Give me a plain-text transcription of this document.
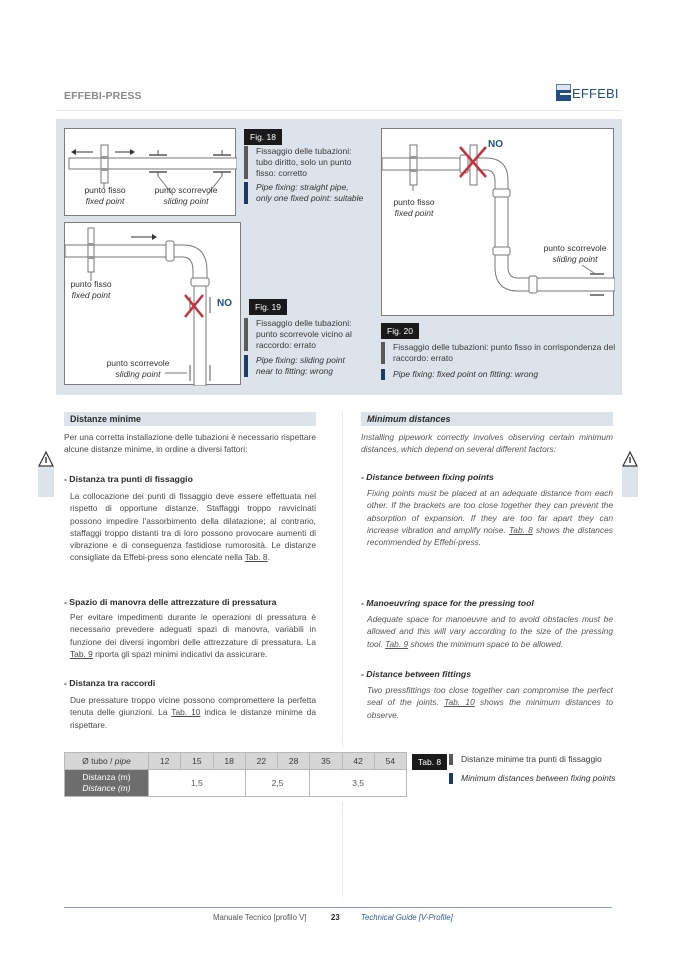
EFFEBI-PRESS	EFFEBI
punto fisso
fixed point
punto scorrevole
sliding point
Fig. 18
Fissaggio delle tubazioni: tubo diritto, solo un punto fisso: corretto
Pipe fixing: straight pipe, only one fixed point: suitable
punto fisso
fixed point
punto scorrevole
sliding point
NO	Fig. 19
Fissaggio delle tubazioni: punto scorrevole vicino al raccordo: errato
Pipe fixing: sliding point near to fitting: wrong
punto fisso
fixed point
punto scorrevole
sliding point
NO
Fig. 20
Fissaggio delle tubazioni: punto fisso in corrispondenza del raccordo: errato
Pipe fixing: fixed point on fitting: wrong
Distanze minime
Per una corretta installazione delle tubazioni è necessario rispettare alcune distanze minime, in ordine a diversi fattori:
- Distanza tra punti di fissaggio
La collocazione dei punti di fissaggio deve essere effettuata nel rispetto di opportune distanze. Staffaggi troppo ravvicinati possono impedire l'assorbimento della dilatazione; al contrario, staffaggi troppo distanti tra di loro possono provocare aumenti di vibrazione e di conseguenza fastidiose rumorosità. Le distanze consigliate da Effebi-press sono elencate nella Tab. 8.
- Spazio di manovra delle attrezzature di pressatura
Per evitare impedimenti durante le operazioni di pressatura è necessario prevedere adeguati spazi di manovra, variabili in funzione dei diversi ingombri delle attrezzature di pressatura. La Tab. 9 riporta gli spazi minimi indicativi da assicurare.
- Distanza tra raccordi
Due pressature troppo vicine possono compromettere la perfetta tenuta delle giunzioni. La Tab. 10 indica le distanze minime da rispettare.
Minimum distances
Installing pipework correctly involves observing certain minimum distances, which depend on several different factors:
- Distance between fixing points
Fixing points must be placed at an adequate distance from each other. If the brackets are too close together they can prevent the absorption of expansion. If they are too far apart they can increase vibration and amplify noise. Tab. 8 shows the distances recommended by Effebi-press.
- Manoeuvring space for the pressing tool
Adequate space for manoeuvre and to avoid obstacles must be allowed and this will vary according to the size of the pressing tool. Tab. 9 shows the minimum space to be allowed.
- Distance between fittings
Two pressfittings too close together can compromise the perfect seal of the joints. Tab. 10 shows the minimum distances to observe.
Ø tubo / pipe	12	15	18	22	28	35	42	54
Distanza (m)
Distance (m)	1,5			2,5		3,5		
Tab. 8	Distanze minime tra punti di fissaggio
Minimum distances between fixing points
Manuale Tecnico [profilo V]	23	Technical Guide [V-Profile]
